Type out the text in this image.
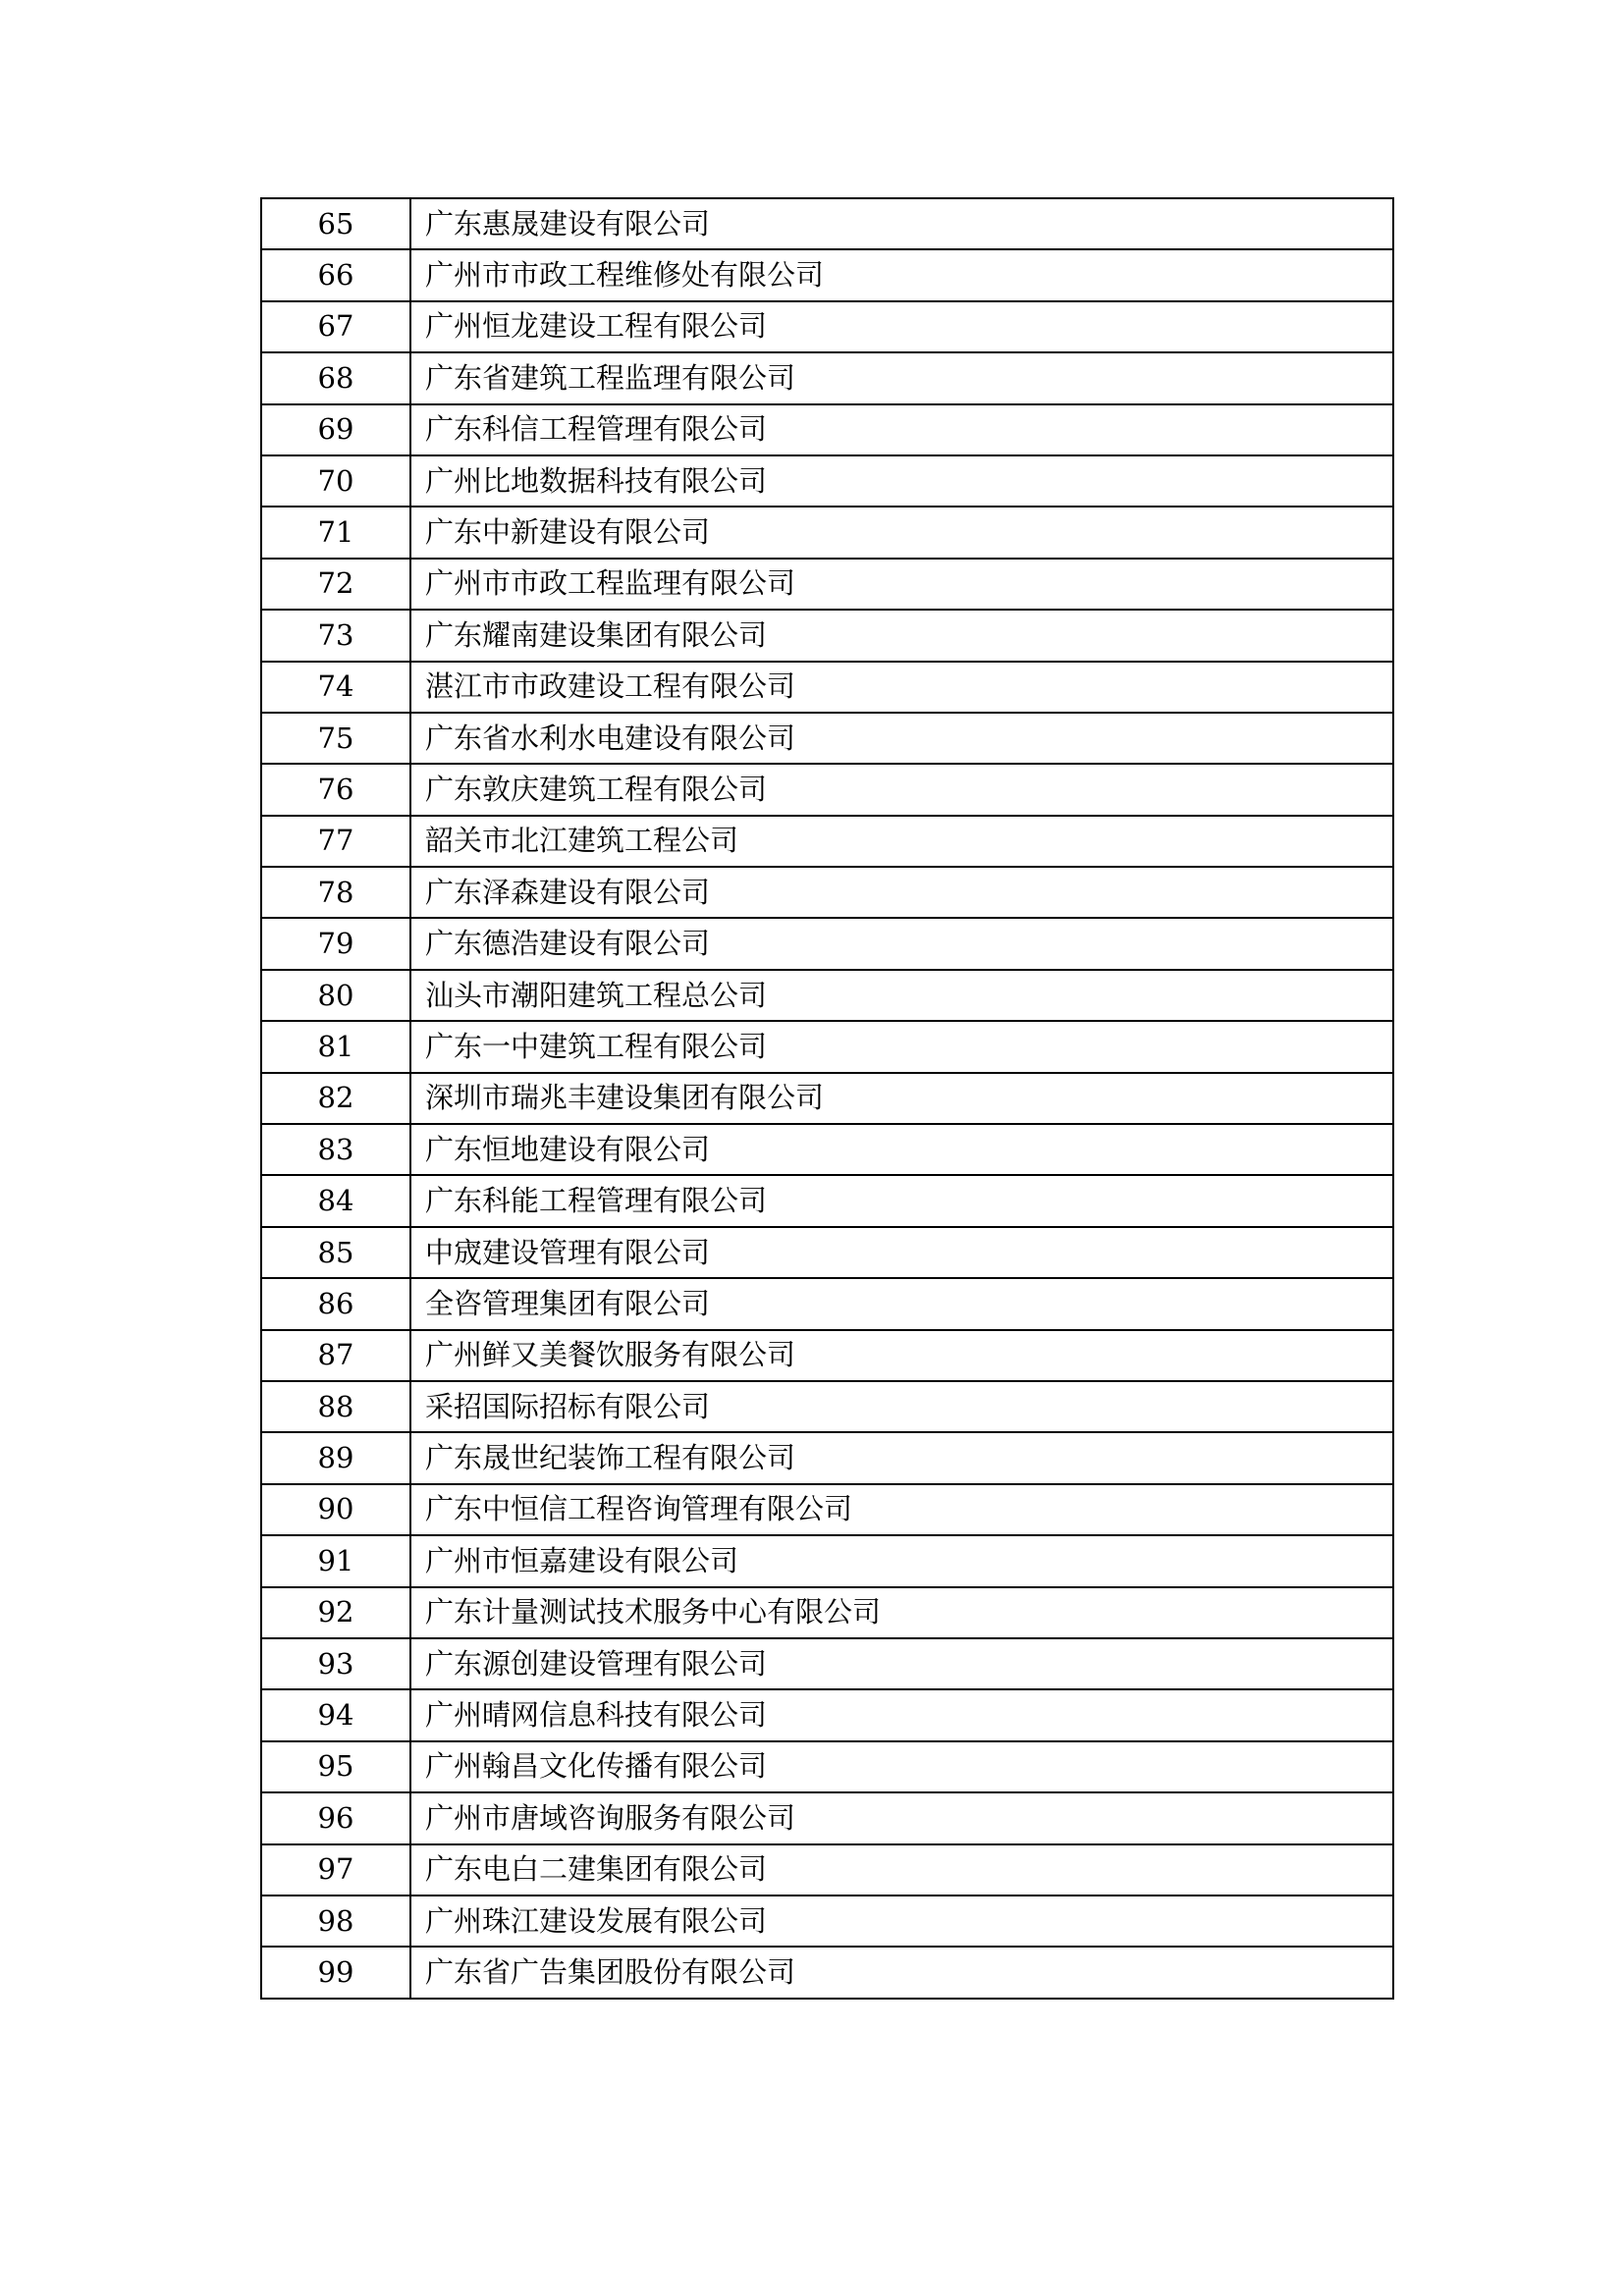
65	广东惠晟建设有限公司
66	广州市市政工程维修处有限公司
67	广州恒龙建设工程有限公司
68	广东省建筑工程监理有限公司
69	广东科信工程管理有限公司
70	广州比地数据科技有限公司
71	广东中新建设有限公司
72	广州市市政工程监理有限公司
73	广东耀南建设集团有限公司
74	湛江市市政建设工程有限公司
75	广东省水利水电建设有限公司
76	广东敦庆建筑工程有限公司
77	韶关市北江建筑工程公司
78	广东泽森建设有限公司
79	广东德浩建设有限公司
80	汕头市潮阳建筑工程总公司
81	广东一中建筑工程有限公司
82	深圳市瑞兆丰建设集团有限公司
83	广东恒地建设有限公司
84	广东科能工程管理有限公司
85	中宬建设管理有限公司
86	全咨管理集团有限公司
87	广州鲜又美餐饮服务有限公司
88	采招国际招标有限公司
89	广东晟世纪装饰工程有限公司
90	广东中恒信工程咨询管理有限公司
91	广州市恒嘉建设有限公司
92	广东计量测试技术服务中心有限公司
93	广东源创建设管理有限公司
94	广州晴网信息科技有限公司
95	广州翰昌文化传播有限公司
96	广州市唐域咨询服务有限公司
97	广东电白二建集团有限公司
98	广州珠江建设发展有限公司
99	广东省广告集团股份有限公司
